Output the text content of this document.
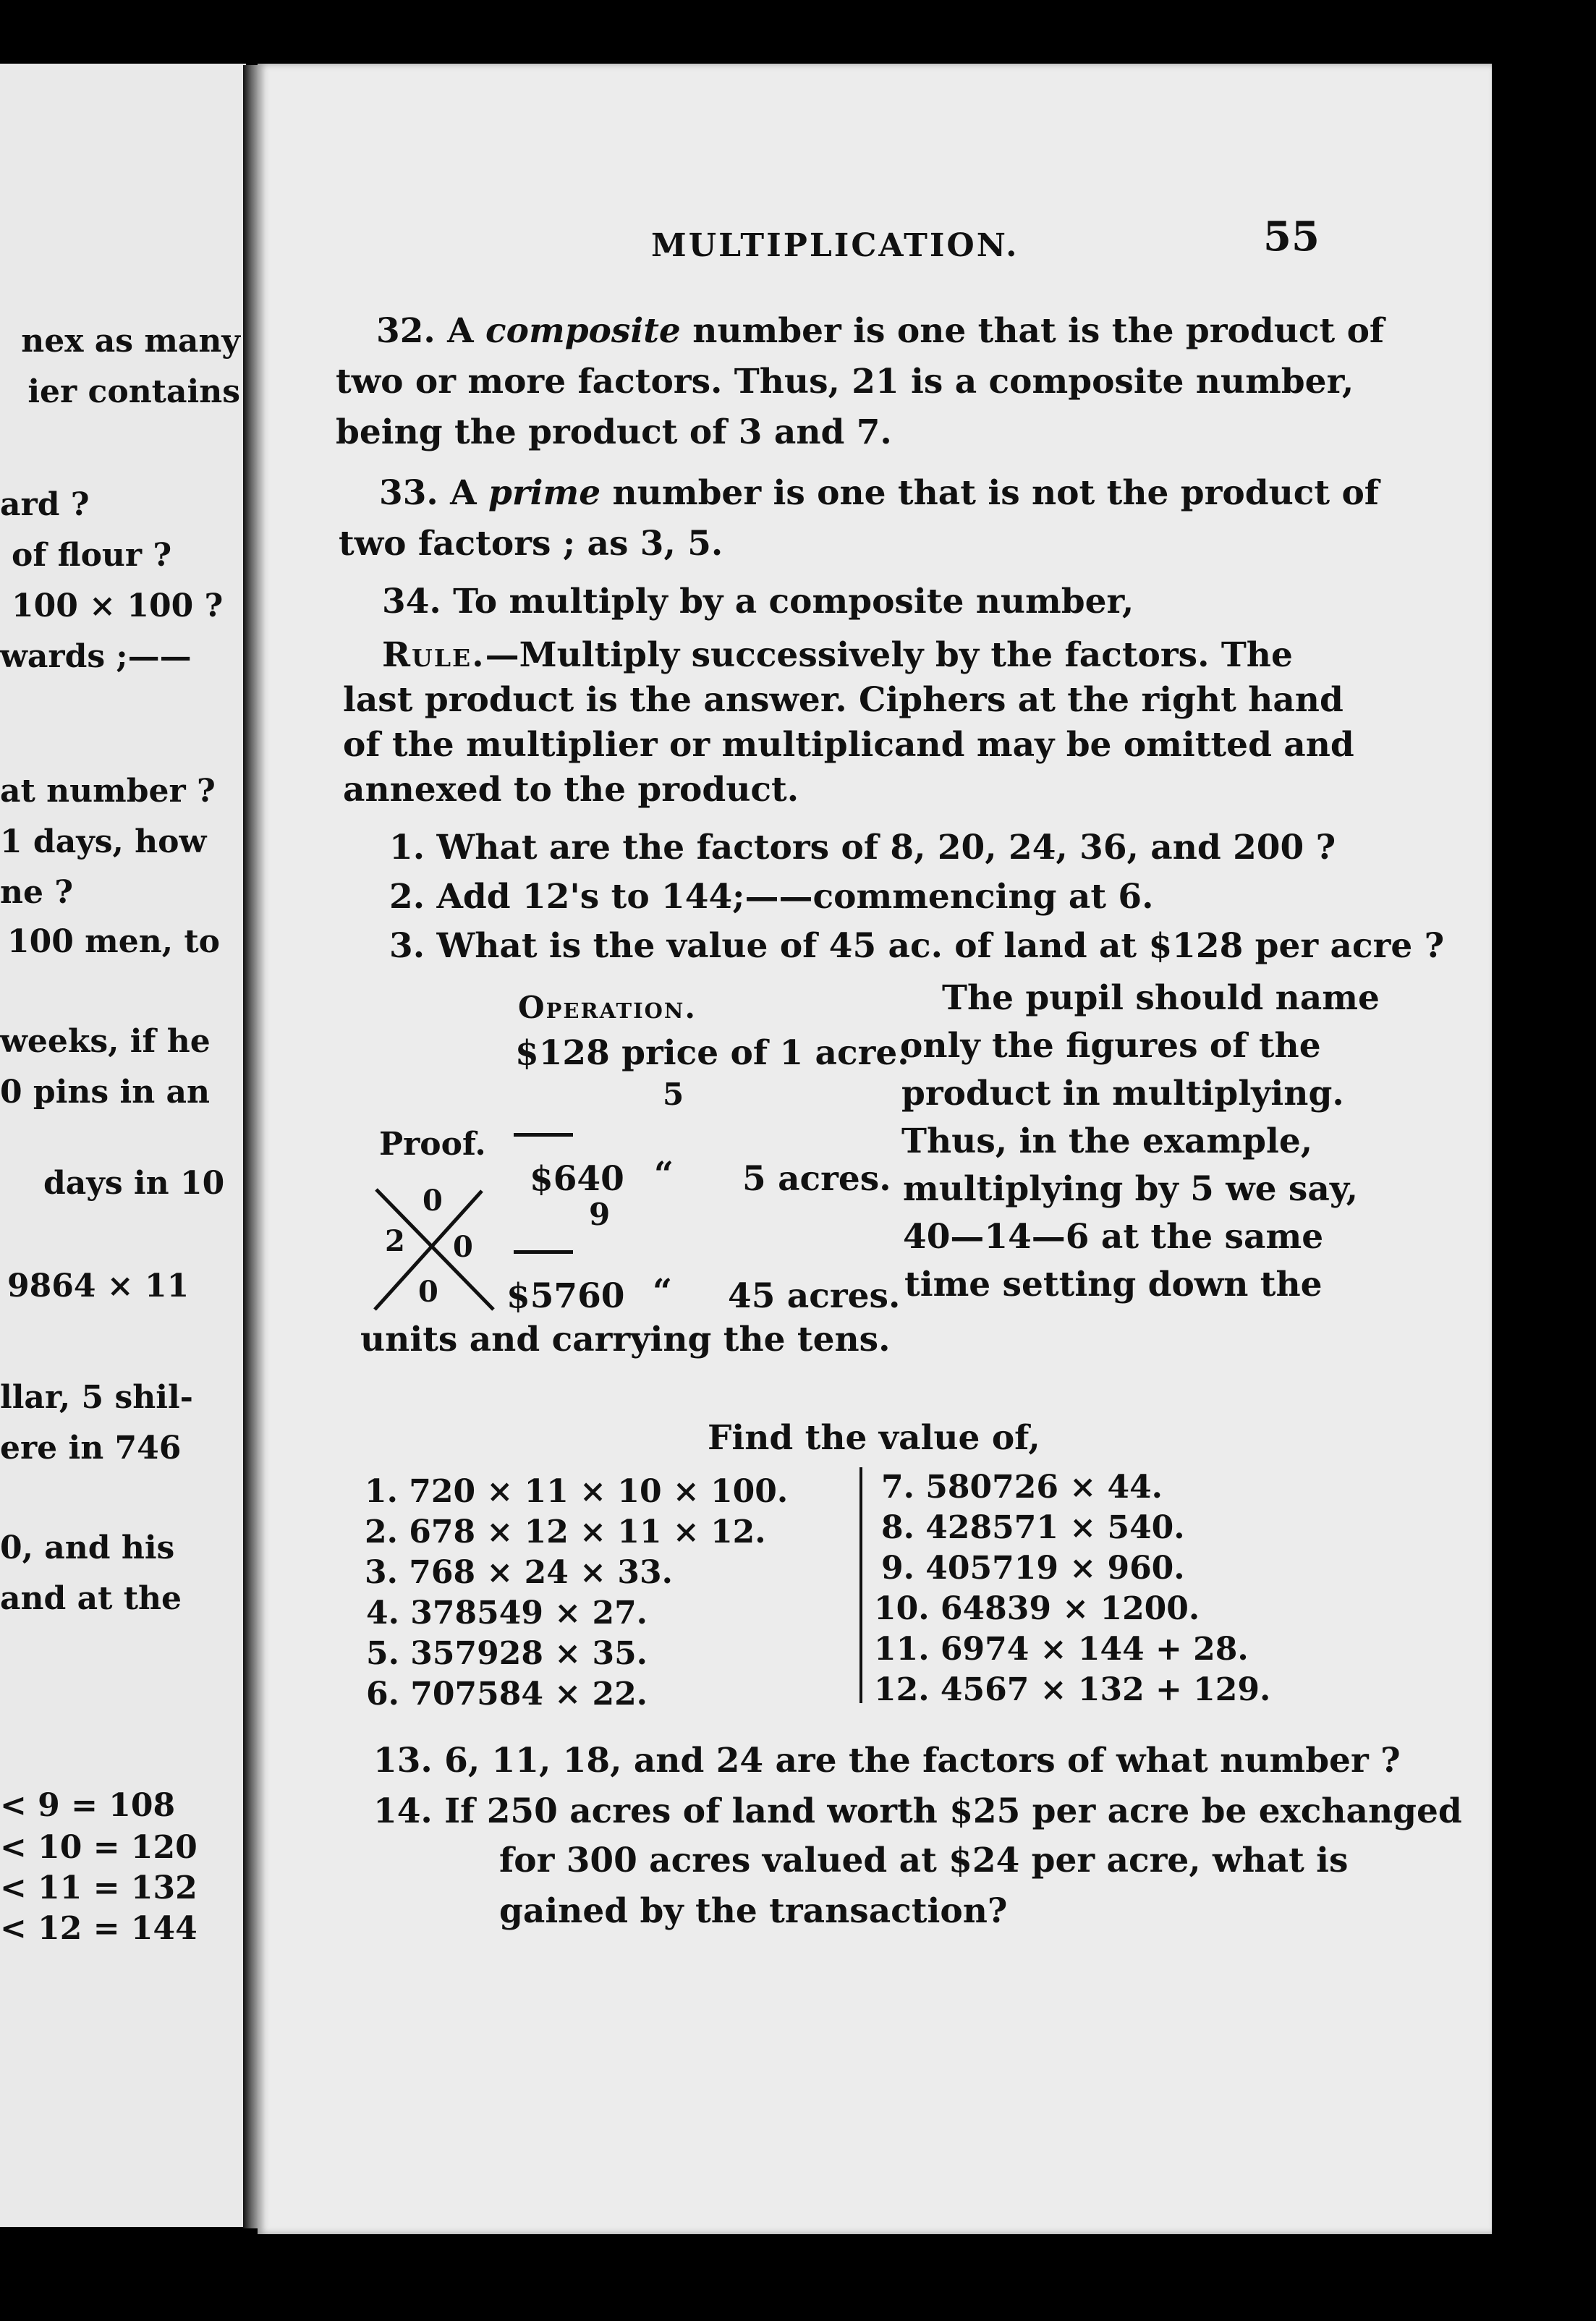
nex as many
ier contains
ard ?
of flour ?
100 × 100 ?
wards ;——
at number ?
1 days, how
ne ?
100 men, to
weeks, if he
0 pins in an
days in 10
9864 × 11
llar, 5 shil-
ere in 746
0, and his
and at the
< 9 = 108
< 10 = 120
< 11 = 132
< 12 = 144
MULTIPLICATION.	55
32. A composite number is one that is the product of
two or more factors. Thus, 21 is a composite number,
being the product of 3 and 7.
33. A prime number is one that is not the product of
two factors ; as 3, 5.
34. To multiply by a composite number,
Rule.—Multiply successively by the factors. The
last product is the answer. Ciphers at the right hand
of the multiplier or multiplicand may be omitted and
annexed to the product.
1. What are the factors of 8, 20, 24, 36, and 200 ?
2. Add 12's to 144;——commencing at 6.
3. What is the value of 45 ac. of land at $128 per acre ?
Operation.
$128 price of 1 acre.
5
$640 “ 5 acres.
9
$5760 “ 45 acres.
Proof.
0
2 0
0
The pupil should name
only the figures of the
product in multiplying.
Thus, in the example,
multiplying by 5 we say,
40—14—6 at the same
time setting down the
units and carrying the tens.
Find the value of,
1. 720 × 11 × 10 × 100.
2. 678 × 12 × 11 × 12.
3. 768 × 24 × 33.
4. 378549 × 27.
5. 357928 × 35.
6. 707584 × 22.
7. 580726 × 44.
8. 428571 × 540.
9. 405719 × 960.
10. 64839 × 1200.
11. 6974 × 144 + 28.
12. 4567 × 132 + 129.
13. 6, 11, 18, and 24 are the factors of what number ?
14. If 250 acres of land worth $25 per acre be exchanged
for 300 acres valued at $24 per acre, what is
gained by the transaction?
